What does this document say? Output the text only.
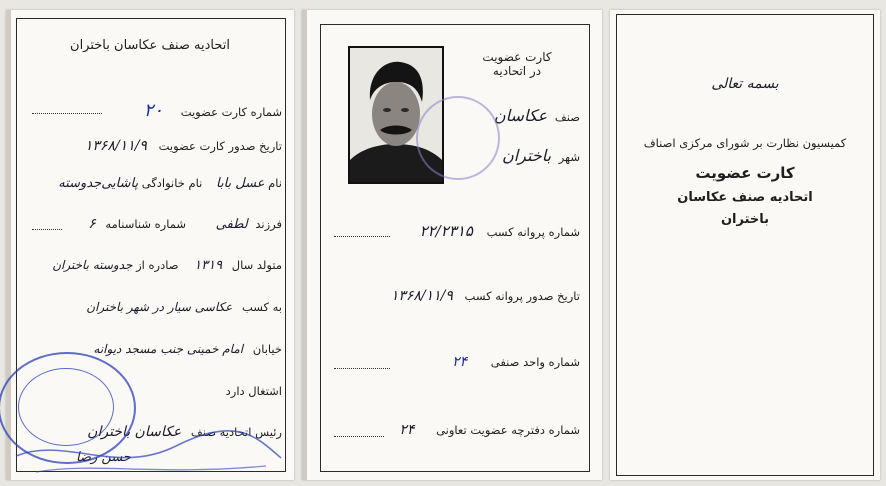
اتحادیه صنف عکاسان باختران
شماره کارت عضویت ۲۰
تاریخ صدور کارت عضویت ۱۳۶۸/۱۱/۹
نام عسل بابا نام خانوادگی پاشایی‌جدوسته
فرزند لطفی شماره شناسنامه ۶
متولد سال ۱۳۱۹ صادره از جدوسته باختران
به کسب عکاسی سیار در شهر باختران
خیابان امام خمینی جنب مسجد دیوانه
اشتغال دارد
رئیس اتحادیه صنف عکاسان باختران
حسن رضا
کارت عضویت
در اتحادیه
صنف عکاسان
شهر باختران
شماره پروانه کسب ۲۲/۲۳۱۵
تاریخ صدور پروانه کسب ۱۳۶۸/۱۱/۹
شماره واحد صنفی ۲۴
شماره دفترچه عضویت تعاونی ۲۴
بسمه تعالی
کمیسیون نظارت بر شورای مرکزی اصناف
کارت عضویت
اتحادیه صنف عکاسان
باختران
